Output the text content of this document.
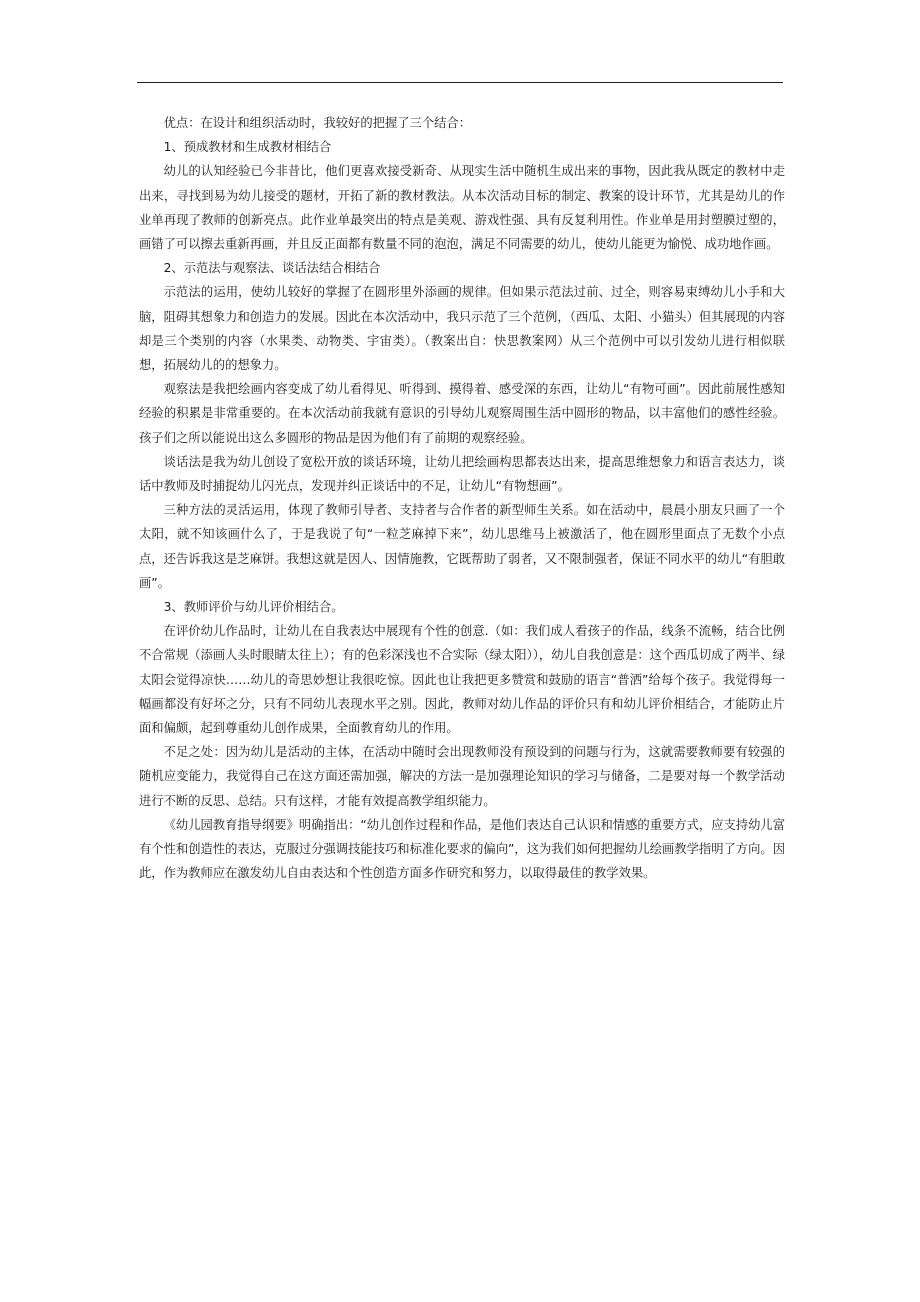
优点：在设计和组织活动时，我较好的把握了三个结合：

1、预成教材和生成教材相结合

幼儿的认知经验已今非昔比，他们更喜欢接受新奇、从现实生活中随机生成出来的事物，因此我从既定的教材中走出来，寻找到易为幼儿接受的题材，开拓了新的教材教法。从本次活动目标的制定、教案的设计环节，尤其是幼儿的作业单再现了教师的创新亮点。此作业单最突出的特点是美观、游戏性强、具有反复利用性。作业单是用封塑膜过塑的，画错了可以擦去重新再画，并且反正面都有数量不同的泡泡，满足不同需要的幼儿，使幼儿能更为愉悦、成功地作画。

2、示范法与观察法、谈话法结合相结合

示范法的运用，使幼儿较好的掌握了在圆形里外添画的规律。但如果示范法过前、过全，则容易束缚幼儿小手和大脑，阻碍其想象力和创造力的发展。因此在本次活动中，我只示范了三个范例，（西瓜、太阳、小猫头）但其展现的内容却是三个类别的内容（水果类、动物类、宇宙类）。（教案出自：快思教案网）从三个范例中可以引发幼儿进行相似联想，拓展幼儿的的想象力。

观察法是我把绘画内容变成了幼儿看得见、听得到、摸得着、感受深的东西，让幼儿“有物可画”。因此前展性感知经验的积累是非常重要的。在本次活动前我就有意识的引导幼儿观察周围生活中圆形的物品，以丰富他们的感性经验。孩子们之所以能说出这么多圆形的物品是因为他们有了前期的观察经验。

谈话法是我为幼儿创设了宽松开放的谈话环境，让幼儿把绘画构思都表达出来，提高思维想象力和语言表达力，谈话中教师及时捕捉幼儿闪光点，发现并纠正谈话中的不足，让幼儿“有物想画”。

三种方法的灵活运用，体现了教师引导者、支持者与合作者的新型师生关系。如在活动中，晨晨小朋友只画了一个太阳，就不知该画什么了，于是我说了句“一粒芝麻掉下来”，幼儿思维马上被激活了，他在圆形里面点了无数个小点点，还告诉我这是芝麻饼。我想这就是因人、因情施教，它既帮助了弱者，又不限制强者，保证不同水平的幼儿“有胆敢画”。

3、教师评价与幼儿评价相结合。

在评价幼儿作品时，让幼儿在自我表达中展现有个性的创意.（如：我们成人看孩子的作品，线条不流畅，结合比例不合常规（添画人头时眼睛太往上）；有的色彩深浅也不合实际（绿太阳）），幼儿自我创意是：这个西瓜切成了两半、绿太阳会觉得凉快……幼儿的奇思妙想让我很吃惊。因此也让我把更多赞赏和鼓励的语言“普洒”给每个孩子。我觉得每一幅画都没有好坏之分，只有不同幼儿表现水平之别。因此，教师对幼儿作品的评价只有和幼儿评价相结合，才能防止片面和偏颇，起到尊重幼儿创作成果，全面教育幼儿的作用。

不足之处：因为幼儿是活动的主体，在活动中随时会出现教师没有预设到的问题与行为，这就需要教师要有较强的随机应变能力，我觉得自己在这方面还需加强，解决的方法一是加强理论知识的学习与储备，二是要对每一个教学活动进行不断的反思、总结。只有这样，才能有效提高教学组织能力。

《幼儿园教育指导纲要》明确指出：“幼儿创作过程和作品，是他们表达自己认识和情感的重要方式，应支持幼儿富有个性和创造性的表达，克服过分强调技能技巧和标准化要求的偏向”，这为我们如何把握幼儿绘画教学指明了方向。因此，作为教师应在激发幼儿自由表达和个性创造方面多作研究和努力，以取得最佳的教学效果。
